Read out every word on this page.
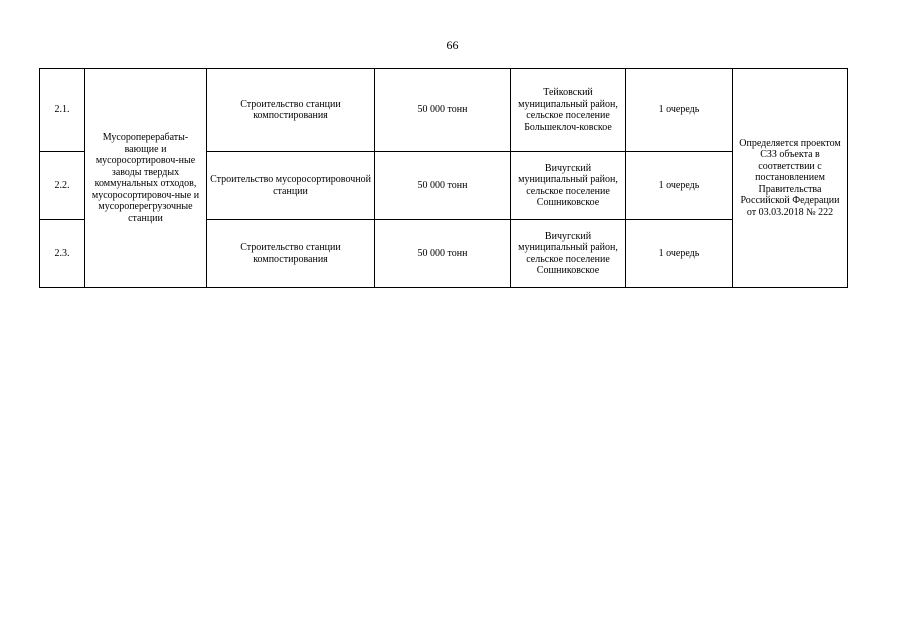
66
2.1.	Мусороперерабаты-вающие и мусоросортировоч-ные заводы твердых коммунальных отходов, мусоросортировоч-ные и мусороперегрузочные станции	Строительство станции компостирования	50 000 тонн	Тейковский муниципальный район, сельское поселение Большеклоч-ковское	1 очередь	Определяется проектом СЗЗ объекта в соответствии с постановлением Правительства Российской Федерации от 03.03.2018 № 222
2.2.		Строительство мусоросортировочной станции	50 000 тонн	Вичугский муниципальный район, сельское поселение Сошниковское	1 очередь	
2.3.		Строительство станции компостирования	50 000 тонн	Вичугский муниципальный район, сельское поселение Сошниковское	1 очередь	
